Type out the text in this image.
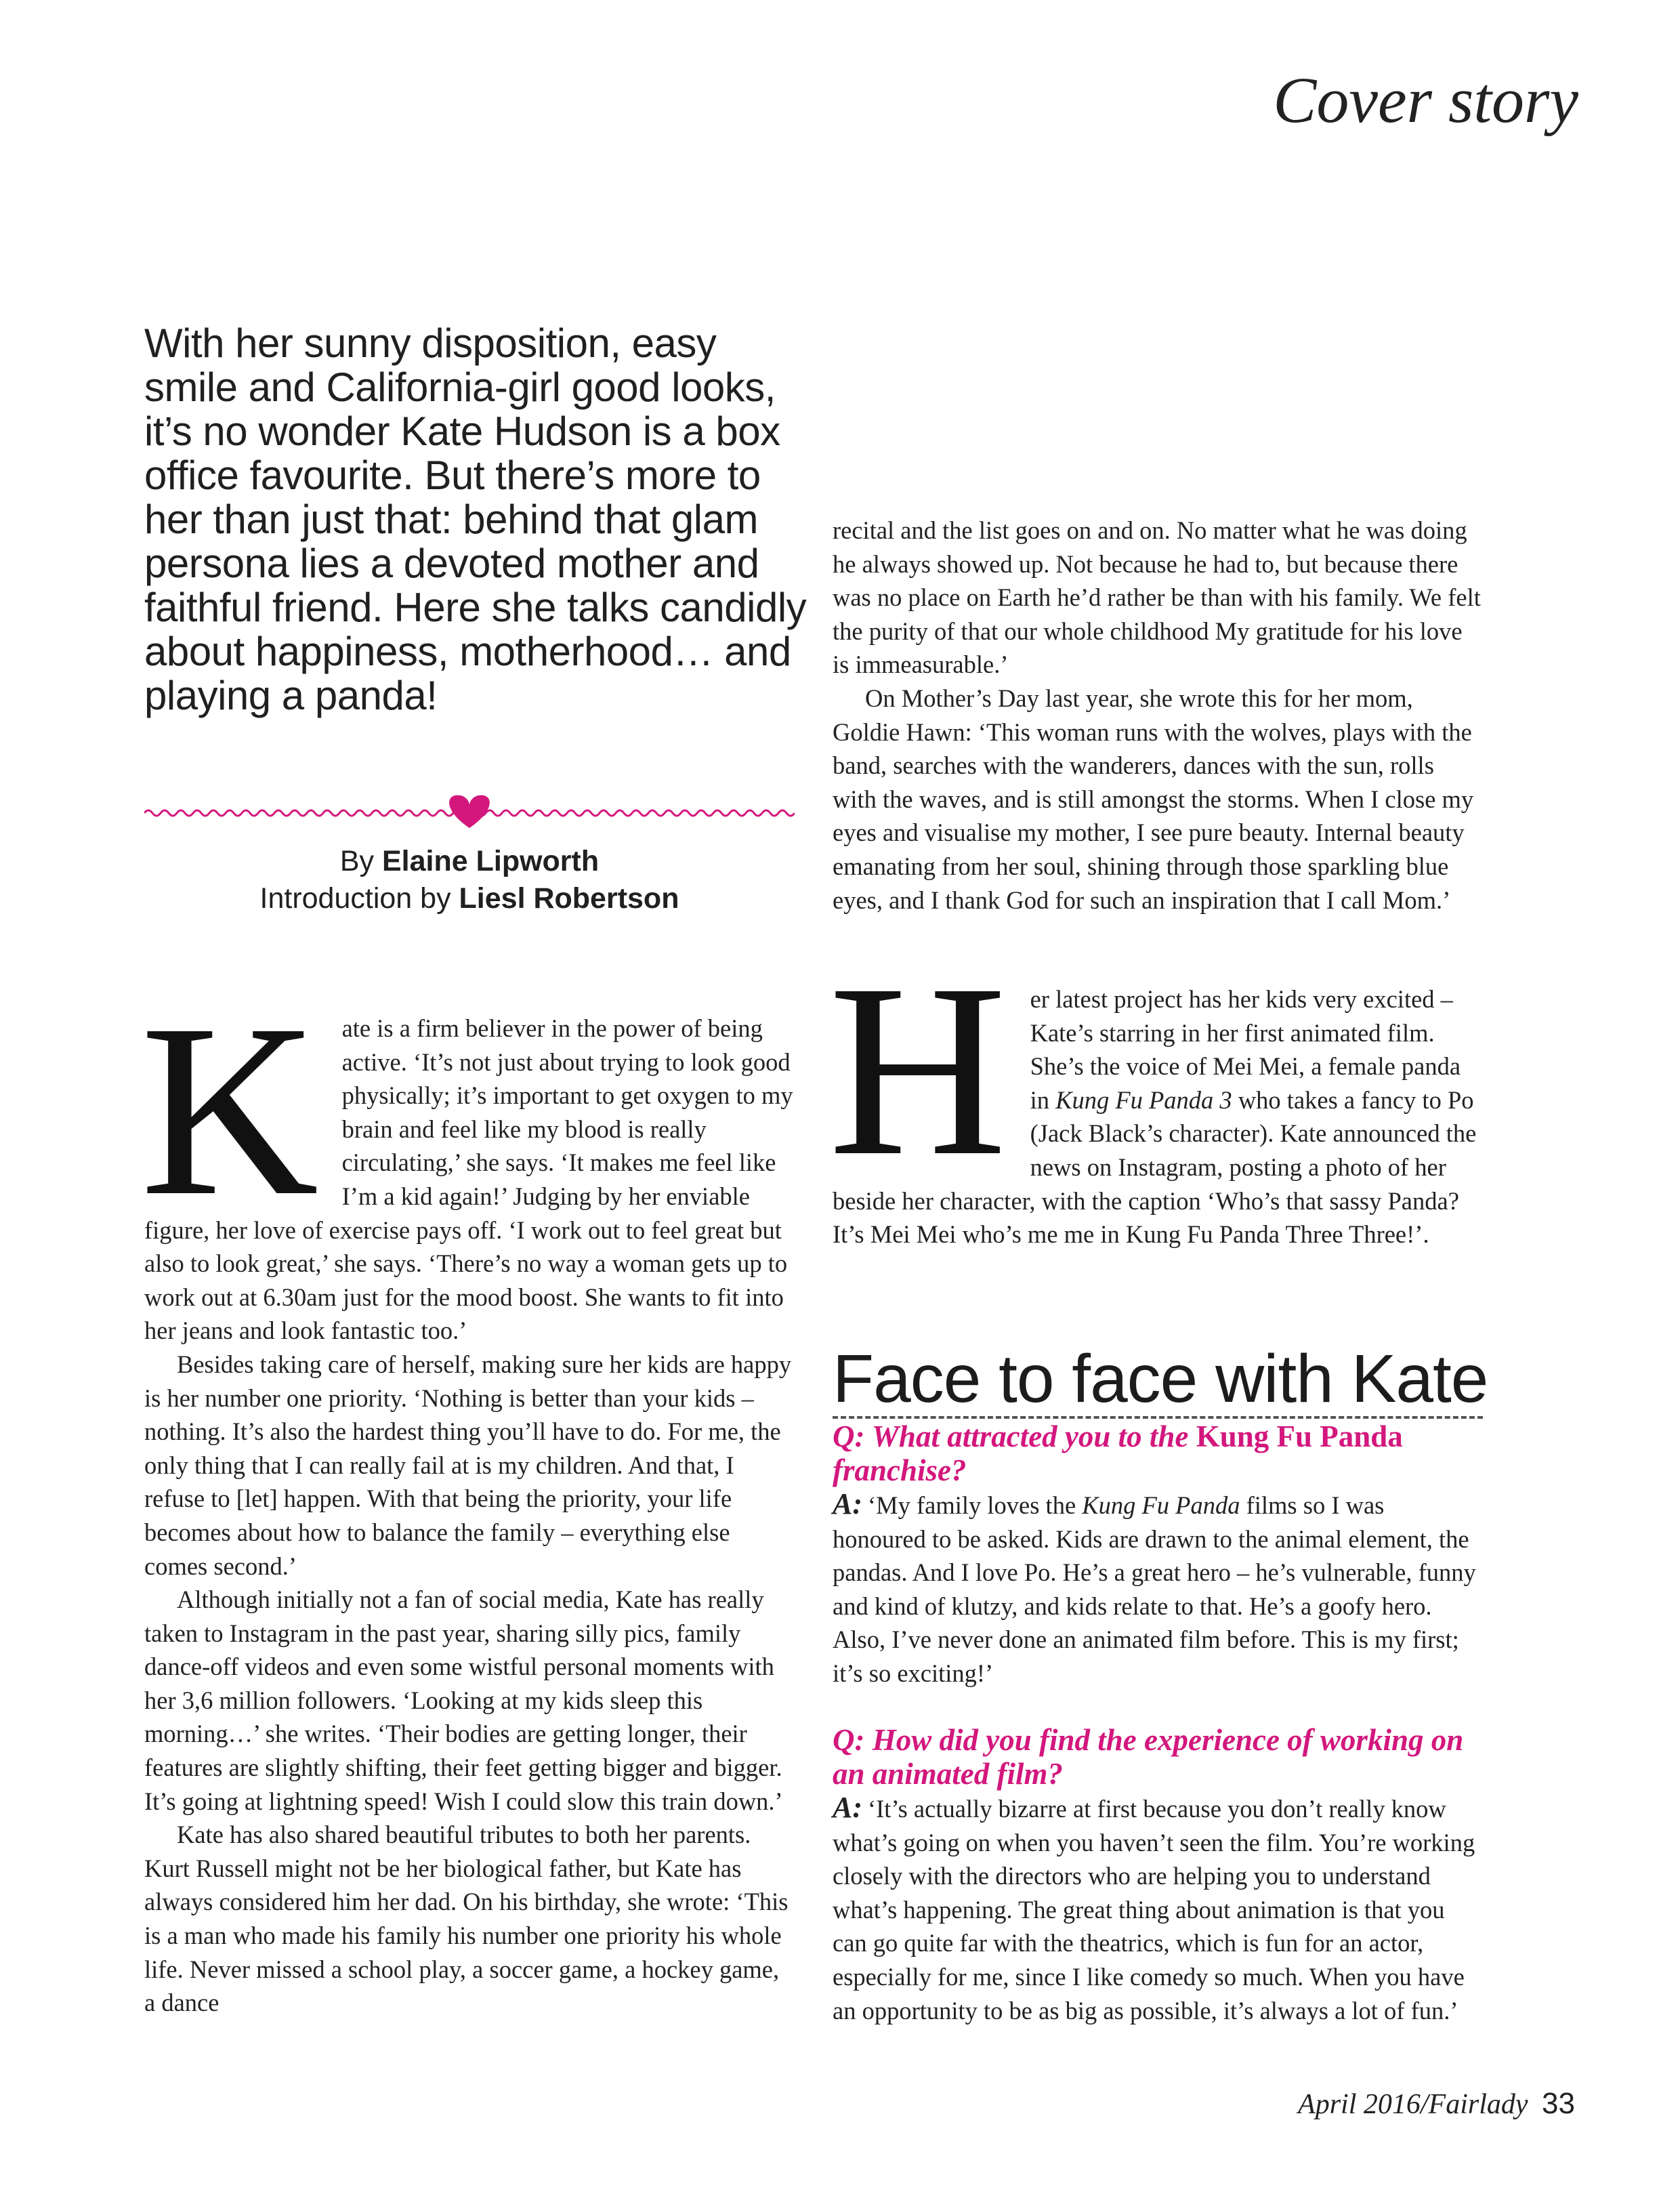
Cover story
With her sunny disposition, easy smile and California-girl good looks, it’s no wonder Kate Hudson is a box office favourite. But there’s more to her than just that: behind that glam persona lies a devoted mother and faithful friend. Here she talks candidly about happiness, motherhood… and playing a panda!
By Elaine Lipworth
Introduction by Liesl Robertson

Kate is a firm believer in the power of being active. ‘It’s not just about trying to look good physically; it’s important to get oxygen to my brain and feel like my blood is really circulating,’ she says. ‘It makes me feel like I’m a kid again!’ Judging by her enviable figure, her love of exercise pays off. ‘I work out to feel great but also to look great,’ she says. ‘There’s no way a woman gets up to work out at 6.30am just for the mood boost. She wants to fit into her jeans and look fantastic too.’

Besides taking care of herself, making sure her kids are happy is her number one priority. ‘Nothing is better than your kids – nothing. It’s also the hardest thing you’ll have to do. For me, the only thing that I can really fail at is my children. And that, I refuse to [let] happen. With that being the priority, your life becomes about how to balance the family – everything else comes second.’

Although initially not a fan of social media, Kate has really taken to Instagram in the past year, sharing silly pics, family dance-off videos and even some wistful personal moments with her 3,6 million followers. ‘Looking at my kids sleep this morning…’ she writes. ‘Their bodies are getting longer, their features are slightly shifting, their feet getting bigger and bigger. It’s going at lightning speed! Wish I could slow this train down.’

Kate has also shared beautiful tributes to both her parents. Kurt Russell might not be her biological father, but Kate has always considered him her dad. On his birthday, she wrote: ‘This is a man who made his family his number one priority his whole life. Never missed a school play, a soccer game, a hockey game, a dance

recital and the list goes on and on. No matter what he was doing he always showed up. Not because he had to, but because there was no place on Earth he’d rather be than with his family. We felt the purity of that our whole childhood My gratitude for his love is immeasurable.’

On Mother’s Day last year, she wrote this for her mom, Goldie Hawn: ‘This woman runs with the wolves, plays with the band, searches with the wanderers, dances with the sun, rolls with the waves, and is still amongst the storms. When I close my eyes and visualise my mother, I see pure beauty. Internal beauty emanating from her soul, shining through those sparkling blue eyes, and I thank God for such an inspiration that I call Mom.’

Her latest project has her kids very excited – Kate’s starring in her first animated film. She’s the voice of Mei Mei, a female panda in Kung Fu Panda 3 who takes a fancy to Po (Jack Black’s character). Kate announced the news on Instagram, posting a photo of her beside her character, with the caption ‘Who’s that sassy Panda? It’s Mei Mei who’s me me in Kung Fu Panda Three Three!’.

Face to face with Kate

Q: What attracted you to the Kung Fu Panda franchise?

A: ‘My family loves the Kung Fu Panda films so I was honoured to be asked. Kids are drawn to the animal element, the pandas. And I love Po. He’s a great hero – he’s vulnerable, funny and kind of klutzy, and kids relate to that. He’s a goofy hero. Also, I’ve never done an animated film before. This is my first; it’s so exciting!’

Q: How did you find the experience of working on an animated film?

A: ‘It’s actually bizarre at first because you don’t really know what’s going on when you haven’t seen the film. You’re working closely with the directors who are helping you to understand what’s happening. The great thing about animation is that you can go quite far with the theatrics, which is fun for an actor, especially for me, since I like comedy so much. When you have an opportunity to be as big as possible, it’s always a lot of fun.’

April 2016/Fairlady 33
